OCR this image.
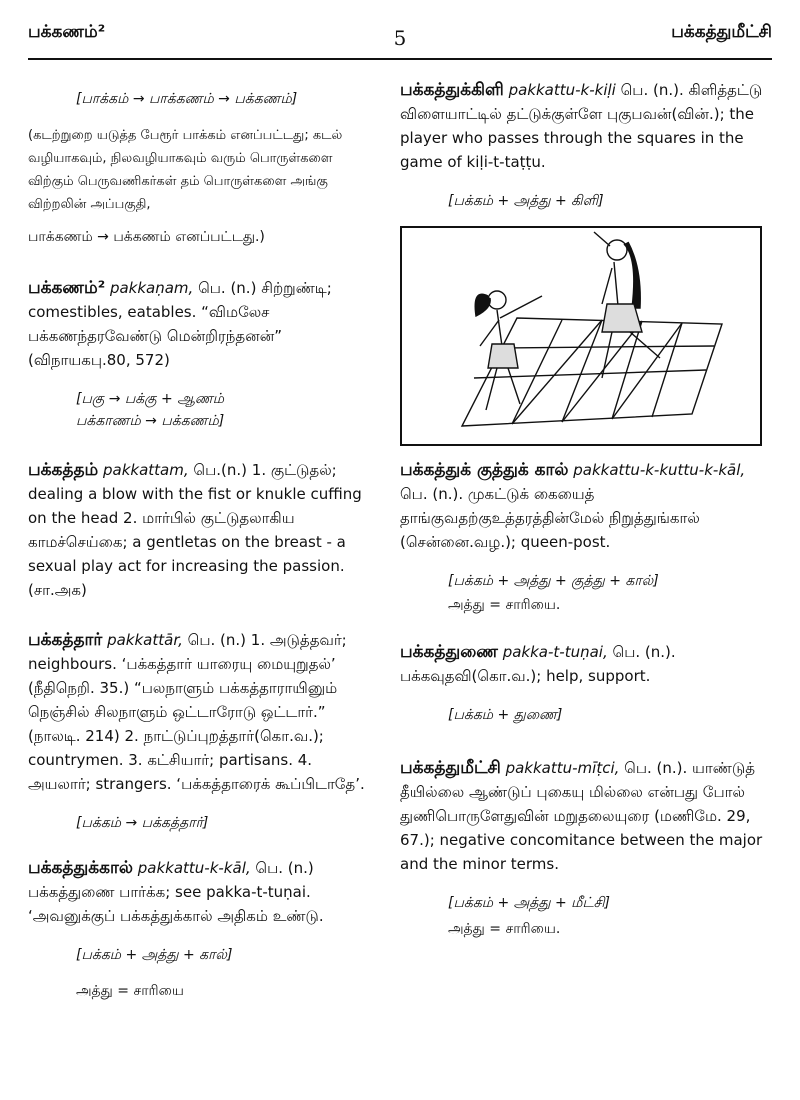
பக்கணம்²	5	பக்கத்துமீட்சி
[பாக்கம் → பாக்கணம் → பக்கணம்]
(கடற்றுறை யடுத்த பேரூர் பாக்கம் எனப்பட்டது; கடல் வழியாகவும், நிலவழியாகவும் வரும் பொருள்களை விற்கும் பெருவணிகர்கள் தம் பொருள்களை அங்கு விற்றலின் அப்பகுதி,
பாக்கணம் → பக்கணம் எனப்பட்டது.)
பக்கணம்² pakkaṇam, பெ. (n.) சிற்றுண்டி; comestibles, eatables. “விமலேச பக்கணந்தரவேண்டு மென்றிரந்தனன்” (விநாயகபு.80, 572)
[பகு → பக்கு + ஆணம்
பக்காணம் → பக்கணம்]
பக்கத்தம் pakkattam, பெ.(n.) 1. குட்டுதல்; dealing a blow with the fist or knukle cuffing on the head 2. மார்பில் குட்டுதலாகிய காமச்செய்கை; a gentletas on the breast - a sexual play act for increasing the passion. (சா.அக)
பக்கத்தார் pakkattār, பெ. (n.) 1. அடுத்தவர்; neighbours. ‘பக்கத்தார் யாரையு மையுறுதல்’ (நீதிநெறி. 35.) “பலநாளும் பக்கத்தாராயினும் நெஞ்சில் சிலநாளும் ஒட்டாரோடு ஒட்டார்.” (நாலடி. 214) 2. நாட்டுப்புறத்தார்(கொ.வ.); countrymen. 3. கட்சியார்; partisans. 4. அயலார்; strangers. ‘பக்கத்தாரைக் கூப்பிடாதே’.
[பக்கம் → பக்கத்தார்]
பக்கத்துக்கால் pakkattu-k-kāl, பெ. (n.) பக்கத்துணை பார்க்க; see pakka-t-tuṇai. ‘அவனுக்குப் பக்கத்துக்கால் அதிகம் உண்டு.
[பக்கம் + அத்து + கால்]
அத்து = சாரியை
பக்கத்துக்கிளி pakkattu-k-kiḷi பெ. (n.). கிளித்தட்டு விளையாட்டில் தட்டுக்குள்ளே புகுபவன்(வின்.); the player who passes through the squares in the game of kiḷi-t-taṭṭu.
[பக்கம் + அத்து + கிளி]
பக்கத்துக் குத்துக் கால் pakkattu-k-kuttu-k-kāl, பெ. (n.). முகட்டுக் கையைத் தாங்குவதற்குஉத்தரத்தின்மேல் நிறுத்துங்கால் (சென்னை.வழ.); queen-post.
[பக்கம் + அத்து + குத்து + கால்]
அத்து = சாரியை.
பக்கத்துணை pakka-t-tuṇai, பெ. (n.). பக்கவுதவி(கொ.வ.); help, support.
[பக்கம் + துணை]
பக்கத்துமீட்சி pakkattu-mīṭci, பெ. (n.). யாண்டுத் தீயில்லை ஆண்டுப் புகையு மில்லை என்பது போல் துணிபொருளேதுவின் மறுதலையுரை (மணிமே. 29, 67.); negative concomitance between the major and the minor terms.
[பக்கம் + அத்து + மீட்சி]
அத்து = சாரியை.
